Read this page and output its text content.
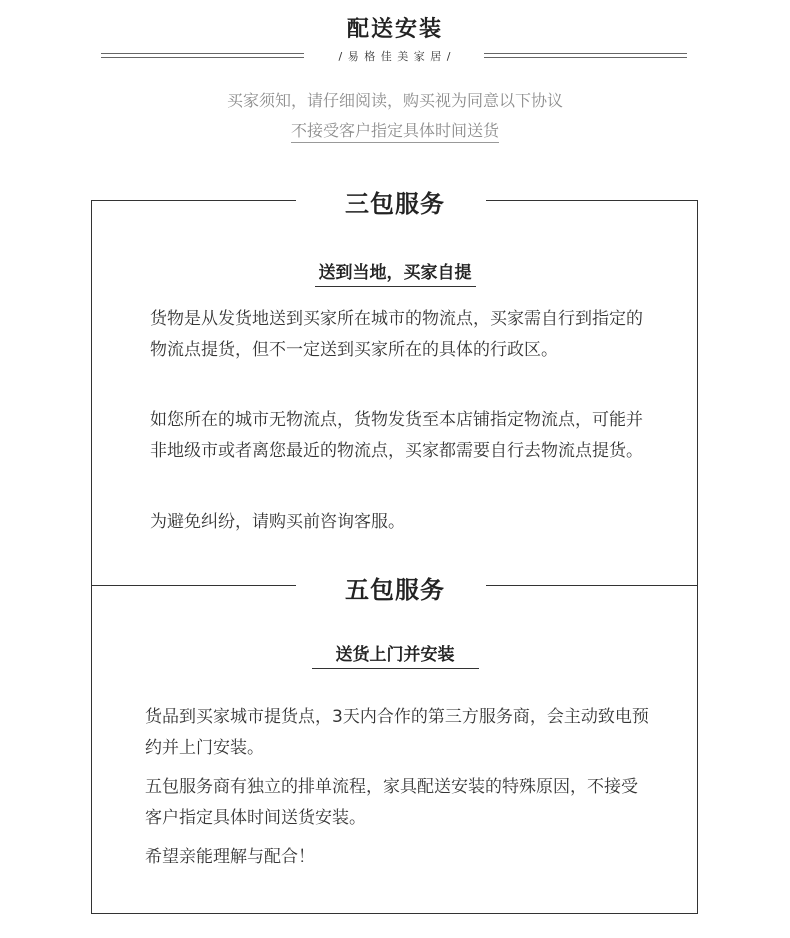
配送安装
/ 易 格 佳 美 家 居 /
买家须知，请仔细阅读，购买视为同意以下协议
不接受客户指定具体时间送货
三包服务
送到当地，买家自提

货物是从发货地送到买家所在城市的物流点，买家需自行到指定的物流点提货，但不一定送到买家所在的具体的行政区。

如您所在的城市无物流点，货物发货至本店铺指定物流点，可能并非地级市或者离您最近的物流点，买家都需要自行去物流点提货。

为避免纠纷，请购买前咨询客服。

五包服务
送货上门并安装

货品到买家城市提货点，3天内合作的第三方服务商，会主动致电预约并上门安装。

五包服务商有独立的排单流程，家具配送安装的特殊原因，不接受客户指定具体时间送货安装。

希望亲能理解与配合！
